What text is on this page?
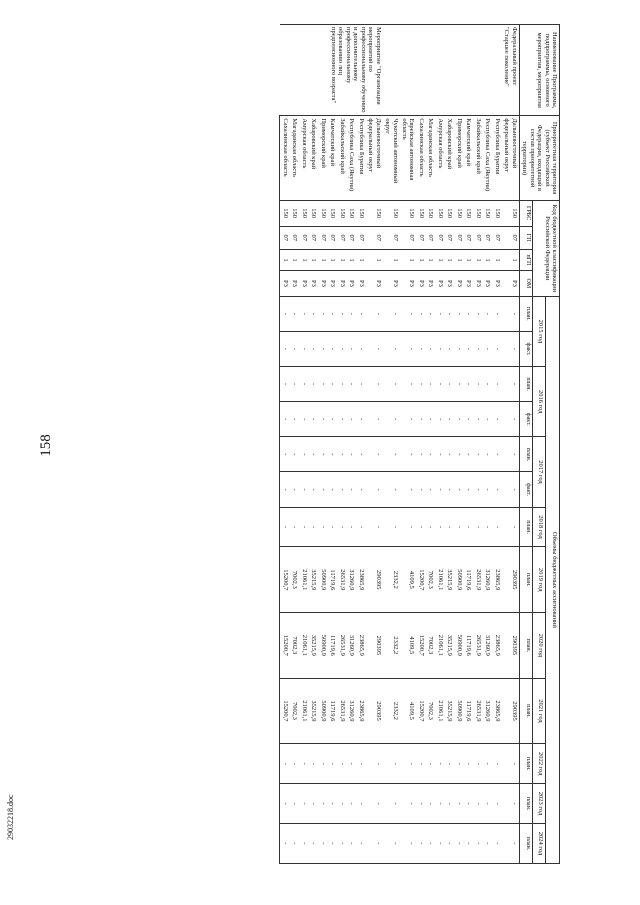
158
29032218.doc
Наименование Программы, подпрограммы, основного мероприятия, мероприятия	Приоритетная территория (субъект Российской Федерации, входящий в состав приоритетной территории)	Код бюджетной классификации Российской Федерации				Объемы бюджетных ассигнований												
						2015 год		2016 год		2017 год		2018 год	2019 год	2020 год	2021 год	2022 год	2023 год	2024 год
		ГРБС	ГП	пГП	ОМ	план.	факт.	план.	факт.	план.	факт.	план.	план.	план.	план.	план.	план.	план.
Федеральный проект "Старшее поколение"	Дальневосточный федеральный округ	150	07	1	P3	-	-	-	-	-	-	-	290395	290395	290395	-	-	-
	Республика Бурятия	150	07	1	P3	-	-	-	-	-	-	-	23865,9	23865,9	23865,9	-	-	-
	Республика Саха (Якутия)	150	07	1	P3	-	-	-	-	-	-	-	31260,9	31260,9	31260,9	-	-	-
	Забайкальский край	150	07	1	P3	-	-	-	-	-	-	-	26531,9	26531,9	26531,9	-	-	-
	Камчатский край	150	07	1	P3	-	-	-	-	-	-	-	11719,6	11719,6	11719,6	-	-	-
	Приморский край	150	07	1	P3	-	-	-	-	-	-	-	50900,9	50900,9	50900,9	-	-	-
	Хабаровский край	150	07	1	P3	-	-	-	-	-	-	-	35215,9	35215,9	35215,9	-	-	-
	Амурская область	150	07	1	P3	-	-	-	-	-	-	-	21061,1	21061,1	21061,1	-	-	-
	Магаданская область	150	07	1	P3	-	-	-	-	-	-	-	7002,3	7002,3	7002,3	-	-	-
	Сахалинская область	150	07	1	P3	-	-	-	-	-	-	-	15200,7	15200,7	15200,7	-	-	-
	Еврейская автономная область	150	07	1	P3	-	-	-	-	-	-	-	4109,5	4109,5	4109,5	-	-	-
	Чукотский автономный округ	150	07	1	P3	-	-	-	-	-	-	-	2332,2	2332,2	2332,2	-	-	-
Мероприятие "Организация мероприятий по профессиональному обучению и дополнительному профессиональному образованию лиц предпенсионного возраста"	Дальневосточный федеральный округ	150	07	1	P3	-	-	-	-	-	-	-	290395	290395	290395	-	-	-
	Республика Бурятия	150	07	1	P3	-	-	-	-	-	-	-	23865,9	23865,9	23865,9	-	-	-
	Республика Саха (Якутия)	150	07	1	P3	-	-	-	-	-	-	-	31260,9	31260,9	31260,9	-	-	-
	Забайкальский край	150	07	1	P3	-	-	-	-	-	-	-	26531,9	26531,9	26531,9	-	-	-
	Камчатский край	150	07	1	P3	-	-	-	-	-	-	-	11719,6	11719,6	11719,6	-	-	-
	Приморский край	150	07	1	P3	-	-	-	-	-	-	-	50900,9	50900,9	50900,9	-	-	-
	Хабаровский край	150	07	1	P3	-	-	-	-	-	-	-	35215,9	35215,9	35215,9	-	-	-
	Амурская область	150	07	1	P3	-	-	-	-	-	-	-	21061,1	21061,1	21061,1	-	-	-
	Магаданская область	150	07	1	P3	-	-	-	-	-	-	-	7002,3	7002,3	7002,3	-	-	-
	Сахалинская область	150	07	1	P3	-	-	-	-	-	-	-	15200,7	15200,7	15200,7	-	-	-
